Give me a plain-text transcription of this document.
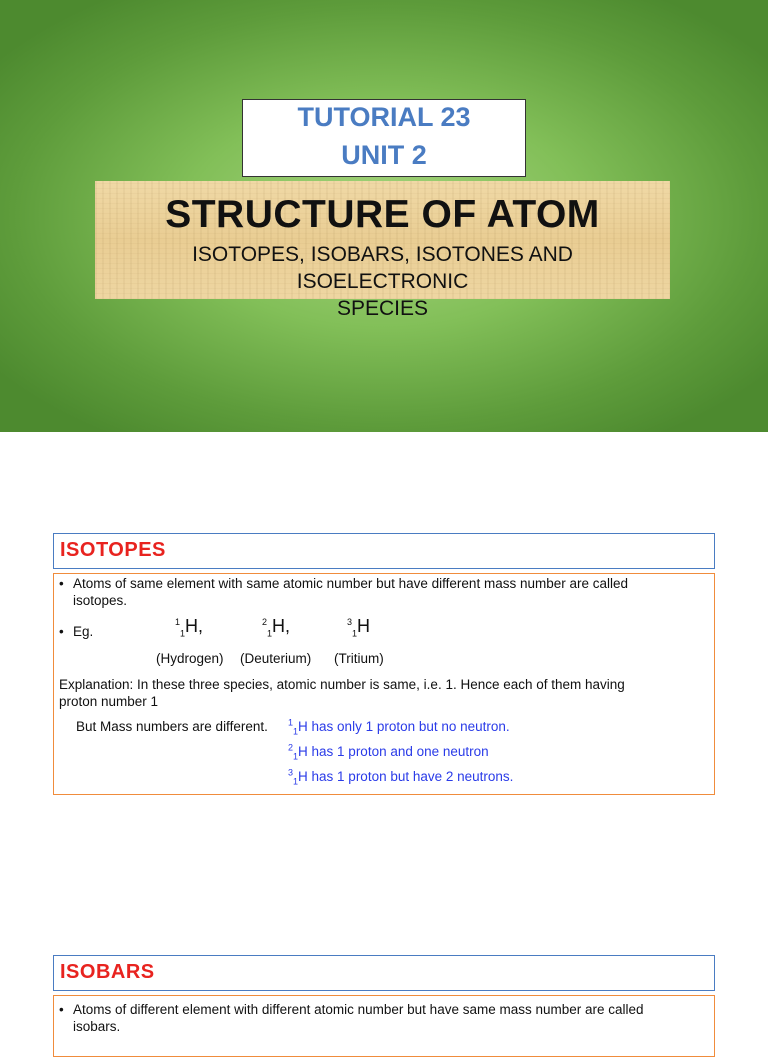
TUTORIAL 23
UNIT 2
STRUCTURE OF ATOM
ISOTOPES, ISOBARS, ISOTONES AND ISOELECTRONIC
SPECIES
ISOTOPES
• Atoms of same element with same atomic number but have different mass number are called
isotopes.
• Eg.
$^1_1$H,	$^2_1$H,	$^3_1$H
(Hydrogen) (Deuterium) (Tritium)
Explanation: In these three species, atomic number is same, i.e. 1. Hence each of them having
proton number 1
But Mass numbers are different. $^1_1$H has only 1 proton but no neutron.
$^2_1$H has 1 proton and one neutron
$^3_1$H has 1 proton but have 2 neutrons.
ISOBARS
• Atoms of different element with different atomic number but have same mass number are called
isobars.
